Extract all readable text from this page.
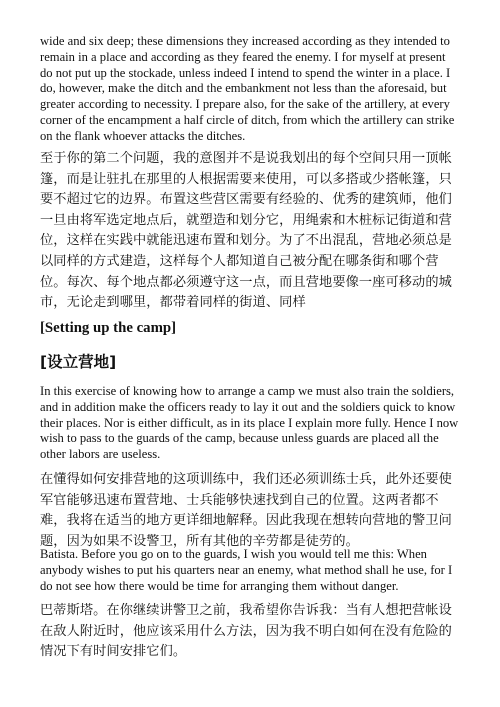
wide and six deep; these dimensions they increased according as they intended to remain in a place and according as they feared the enemy. I for myself at present do not put up the stockade, unless indeed I intend to spend the winter in a place. I do, however, make the ditch and the embankment not less than the aforesaid, but greater according to necessity. I prepare also, for the sake of the artillery, at every corner of the encampment a half circle of ditch, from which the artillery can strike on the flank whoever attacks the ditches.

至于你的第二个问题，我的意图并不是说我划出的每个空间只用一顶帐篷，而是让驻扎在那里的人根据需要来使用，可以多搭或少搭帐篷，只要不超过它的边界。布置这些营区需要有经验的、优秀的建筑师，他们一旦由将军选定地点后，就塑造和划分它，用绳索和木桩标记街道和营位，这样在实践中就能迅速布置和划分。为了不出混乱，营地必须总是以同样的方式建造，这样每个人都知道自己被分配在哪条街和哪个营位。每次、每个地点都必须遵守这一点，而且营地要像一座可移动的城市，无论走到哪里，都带着同样的街道、同样

[Setting up the camp]

[设立营地]

In this exercise of knowing how to arrange a camp we must also train the soldiers, and in addition make the officers ready to lay it out and the soldiers quick to know their places. Nor is either difficult, as in its place I explain more fully. Hence I now wish to pass to the guards of the camp, because unless guards are placed all the other labors are useless.

在懂得如何安排营地的这项训练中，我们还必须训练士兵，此外还要使军官能够迅速布置营地、士兵能够快速找到自己的位置。这两者都不难，我将在适当的地方更详细地解释。因此我现在想转向营地的警卫问题，因为如果不设警卫，所有其他的辛劳都是徒劳的。

Batista. Before you go on to the guards, I wish you would tell me this: When anybody wishes to put his quarters near an enemy, what method shall he use, for I do not see how there would be time for arranging them without danger.

巴蒂斯塔。在你继续讲警卫之前，我希望你告诉我：当有人想把营帐设在敌人附近时，他应该采用什么方法，因为我不明白如何在没有危险的情况下有时间安排它们。
